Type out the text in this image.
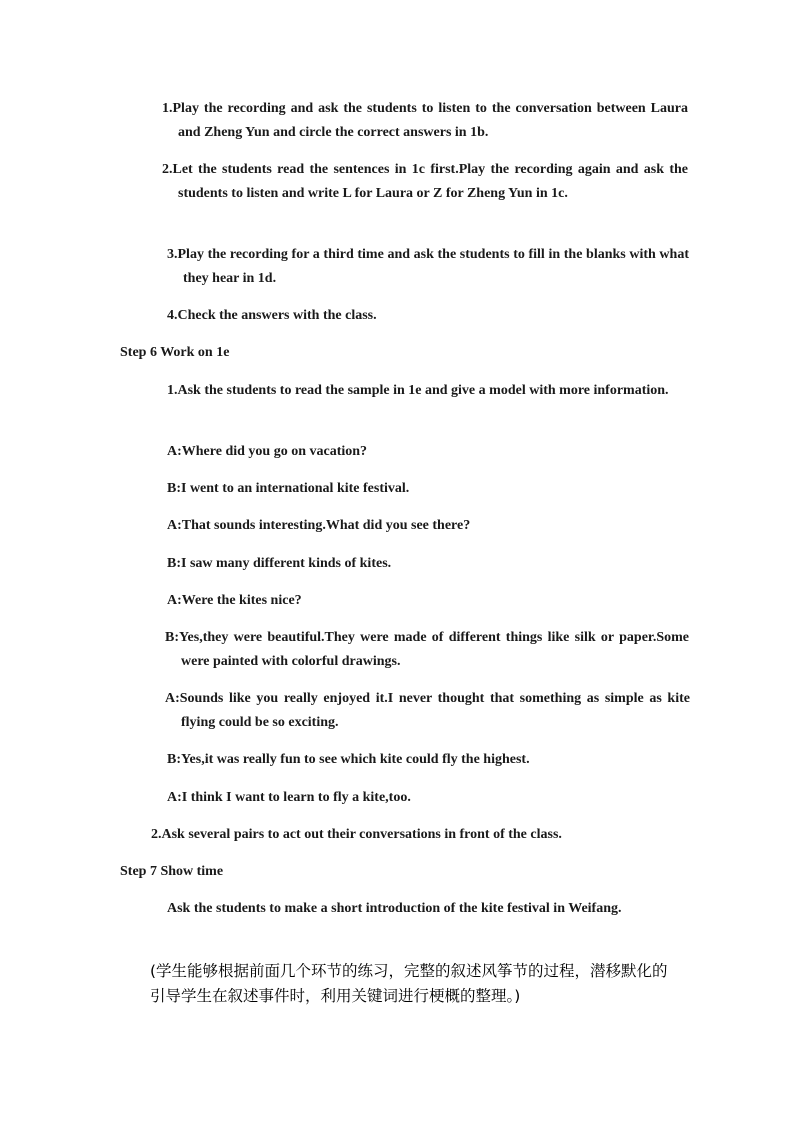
1.Play the recording and ask the students to listen to the conversation between Laura and Zheng Yun and circle the correct answers in 1b.

2.Let the students read the sentences in 1c first.Play the recording again and ask the students to listen and write L for Laura or Z for Zheng Yun in 1c.

3.Play the recording for a third time and ask the students to fill in the blanks with what they hear in 1d.

4.Check the answers with the class.

Step 6 Work on 1e

1.Ask the students to read the sample in 1e and give a model with more information.

A:Where did you go on vacation?

B:I went to an international kite festival.

A:That sounds interesting.What did you see there?

B:I saw many different kinds of kites.

A:Were the kites nice?

B:Yes,they were beautiful.They were made of different things like silk or paper.Some were painted with colorful drawings.

A:Sounds like you really enjoyed it.I never thought that something as simple as kite flying could be so exciting.

B:Yes,it was really fun to see which kite could fly the highest.

A:I think I want to learn to fly a kite,too.

2.Ask several pairs to act out their conversations in front of the class.

Step 7 Show time

Ask the students to make a short introduction of the kite festival in Weifang.

(学生能够根据前面几个环节的练习，完整的叙述风筝节的过程，潜移默化的引导学生在叙述事件时，利用关键词进行梗概的整理。)
